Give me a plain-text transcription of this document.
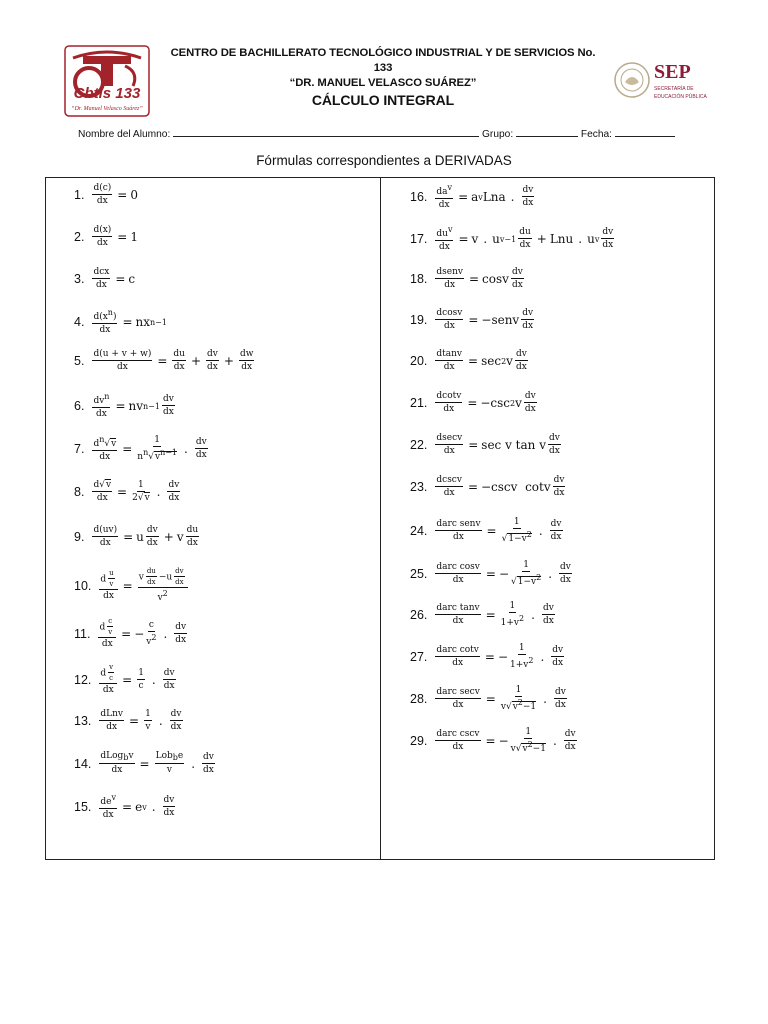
Cbtis 133
“Dr. Manuel Velasco Suárez”
CENTRO DE BACHILLERATO TECNOLÓGICO INDUSTRIAL Y DE SERVICIOS No. 133
“DR. MANUEL VELASCO SUÁREZ”
CÁLCULO INTEGRAL
SEP
SECRETARÍA DE
EDUCACIÓN PÚBLICA
Nombre del Alumno:	Grupo:	Fecha:
Fórmulas correspondientes a DERIVADAS
1. $\frac{d(c)}{dx} = 0$
2. $\frac{d(x)}{dx} = 1$
3. dcx
dx = c
4. $\frac{d(x^n)}{dx}$ = nx n−1
5. $\frac{d(u + v + w)}{dx} = \frac{du}{dx} + \frac{dv}{dx} + \frac{dw}{dx}$
6. $dv^n$
dx
= nv n−1
dv
dx
7. $\frac{d^n√v}{dx} = \frac{1}{n^n√v^{n-1}}$ . dv
dx
8. $\frac{d√v}{dx} = \frac{1}{2√v}$ . dv
dx
9. $\frac{d(uv)}{dx} = u \frac{dv}{dx} + v \frac{du}{dx}$
10. d $\frac{u}{v}$
dx
=
v $\frac{du}{dx} -u \frac{dv}{dx}$
$v^2$
11. d $\frac{c}{v}$
dx
= − $\frac{c}{v^2}$ . dv
dx
12. d $\frac{v}{c}$
dx
= $\frac{1}{c}$ . dv
dx
13. dLnv
dx = $\frac{1}{v}$ . dv
dx
14.
dLog$_b$v
dx =
Lob$_b$e
v . dv
dx
15. $de^v$
dx
= e v . dv
dx
16. $da^v$
dx
= a v Lna . dv
dx
17. $du^v$
dx
= v . u v−1
du
dx + Lnu . u v
dv
dx
18. dsenv
dx = cosv $\frac{dv}{dx}$
19. $\frac{dcosv}{dx}$ = −senv $\frac{dv}{dx}$
20. $\frac{dtanv}{dx} = \sec 2$ v dv
dx
21. $\frac{dcotv}{dx} = -\csc$ 2 v dv
dx
22. dsecv
dx = sec v tan v $\frac{dv}{dx}$
23. dcscv
dx = −cscv  cotv $\frac{dv}{dx}$
24. darc senv
dx = $\frac{1}{√1-v^2}$ . dv
dx
25. darc cosv
dx = − $\frac{1}{√1-v^2}$ . dv
dx
26. darc tanv
dx = $\frac{1}{1+v^2}$ . dv
dx
27. darc cotv
dx = − $\frac{1}{1+v^2}$ . dv
dx
28. darc secv
dx = $\frac{1}{v√v^2-1}$ . dv
dx
29. darc cscv
dx = − $\frac{1}{v√v^2-1}$ . dv
dx
